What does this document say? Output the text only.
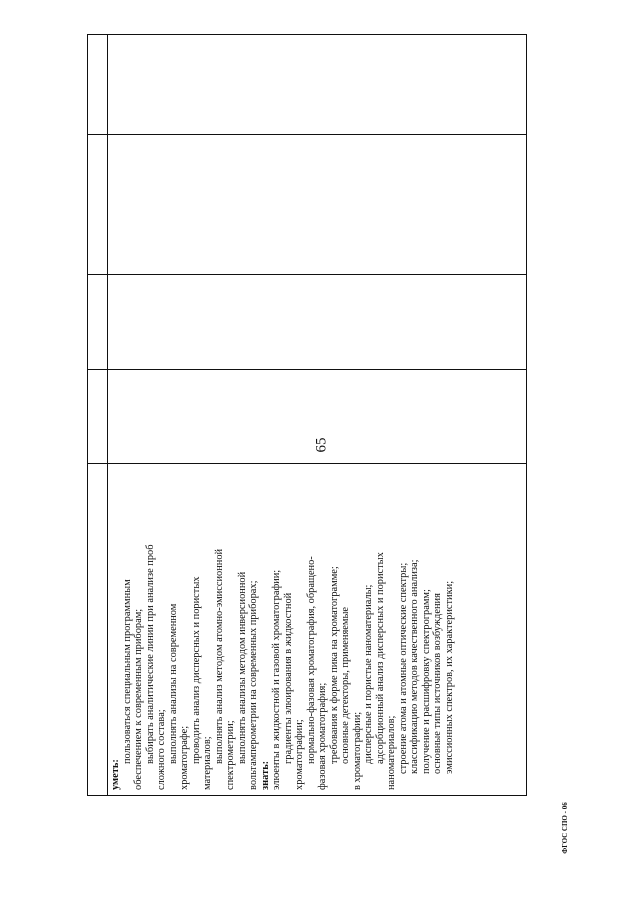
65
ФГОС СПО - 06
уметь:
пользоваться специальным программным обеспечением к современным приборам; выбирать аналитические линии при анализе проб сложного состава; выполнять анализы на современном хроматографе; проводить анализ дисперсных и пористых материалов; выполнять анализ методом атомно-эмиссионной спектрометрии; выполнять анализы методом инверсионной вольтамперометрии на современных приборах; знать: элюенты в жидкостной и газовой хроматографии; градиенты элюирования в жидкостной хроматографии; нормально-фазовая хроматография, обращено- фазовая хроматография; требования к форме пика на хроматограмме; основные детекторы, применяемые в хроматографии; дисперсные и пористые наноматериалы; адсорбционный анализ дисперсных и пористых наноматериалов; строение атома и атомные оптические спектры; классификацию методов качественного анализа; получение и расшифровку спектрограмм; основные типы источников возбуждения эмиссионных спектров, их характеристики;
